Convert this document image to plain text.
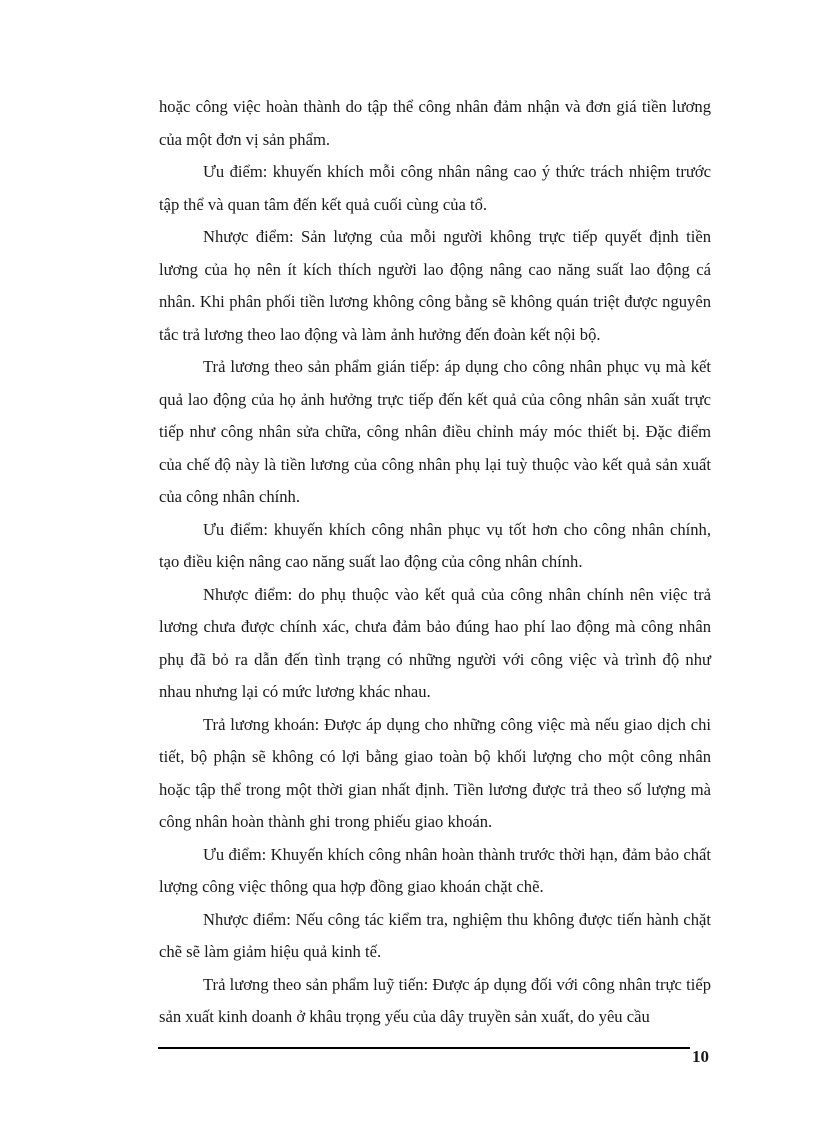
hoặc công việc hoàn thành do tập thể công nhân đảm nhận và đơn giá tiền lương của một đơn vị sản phẩm.

Ưu điểm: khuyến khích mỗi công nhân nâng cao ý thức trách nhiệm trước tập thể và quan tâm đến kết quả cuối cùng của tổ.

Nhược điểm: Sản lượng của mỗi người không trực tiếp quyết định tiền lương của họ nên ít kích thích người lao động nâng cao năng suất lao động cá nhân. Khi phân phối tiền lương không công bằng sẽ không quán triệt được nguyên tắc trả lương theo lao động và làm ảnh hưởng đến đoàn kết nội bộ.

Trả lương theo sản phẩm gián tiếp: áp dụng cho công nhân phục vụ mà kết quả lao động của họ ảnh hưởng trực tiếp đến kết quả của công nhân sản xuất trực tiếp như công nhân sửa chữa, công nhân điều chỉnh máy móc thiết bị. Đặc điểm của chế độ này là tiền lương của công nhân phụ lại tuỳ thuộc vào kết quả sản xuất của công nhân chính.

Ưu điểm: khuyến khích công nhân phục vụ tốt hơn cho công nhân chính, tạo điều kiện nâng cao năng suất lao động của công nhân chính.

Nhược điểm: do phụ thuộc vào kết quả của công nhân chính nên việc trả lương chưa được chính xác, chưa đảm bảo đúng hao phí lao động mà công nhân phụ đã bỏ ra dẫn đến tình trạng có những người với công việc và trình độ như nhau nhưng lại có mức lương khác nhau.

Trả lương khoán: Được áp dụng cho những công việc mà nếu giao dịch chi tiết, bộ phận sẽ không có lợi bằng giao toàn bộ khối lượng cho một công nhân hoặc tập thể trong một thời gian nhất định. Tiền lương được trả theo số lượng mà công nhân hoàn thành ghi trong phiếu giao khoán.

Ưu điểm: Khuyến khích công nhân hoàn thành trước thời hạn, đảm bảo chất lượng công việc thông qua hợp đồng giao khoán chặt chẽ.

Nhược điểm: Nếu công tác kiểm tra, nghiệm thu không được tiến hành chặt chẽ sẽ làm giảm hiệu quả kinh tế.

Trả lương theo sản phẩm luỹ tiến: Được áp dụng đối với công nhân trực tiếp sản xuất kinh doanh ở khâu trọng yếu của dây truyền sản xuất, do yêu cầu

10
